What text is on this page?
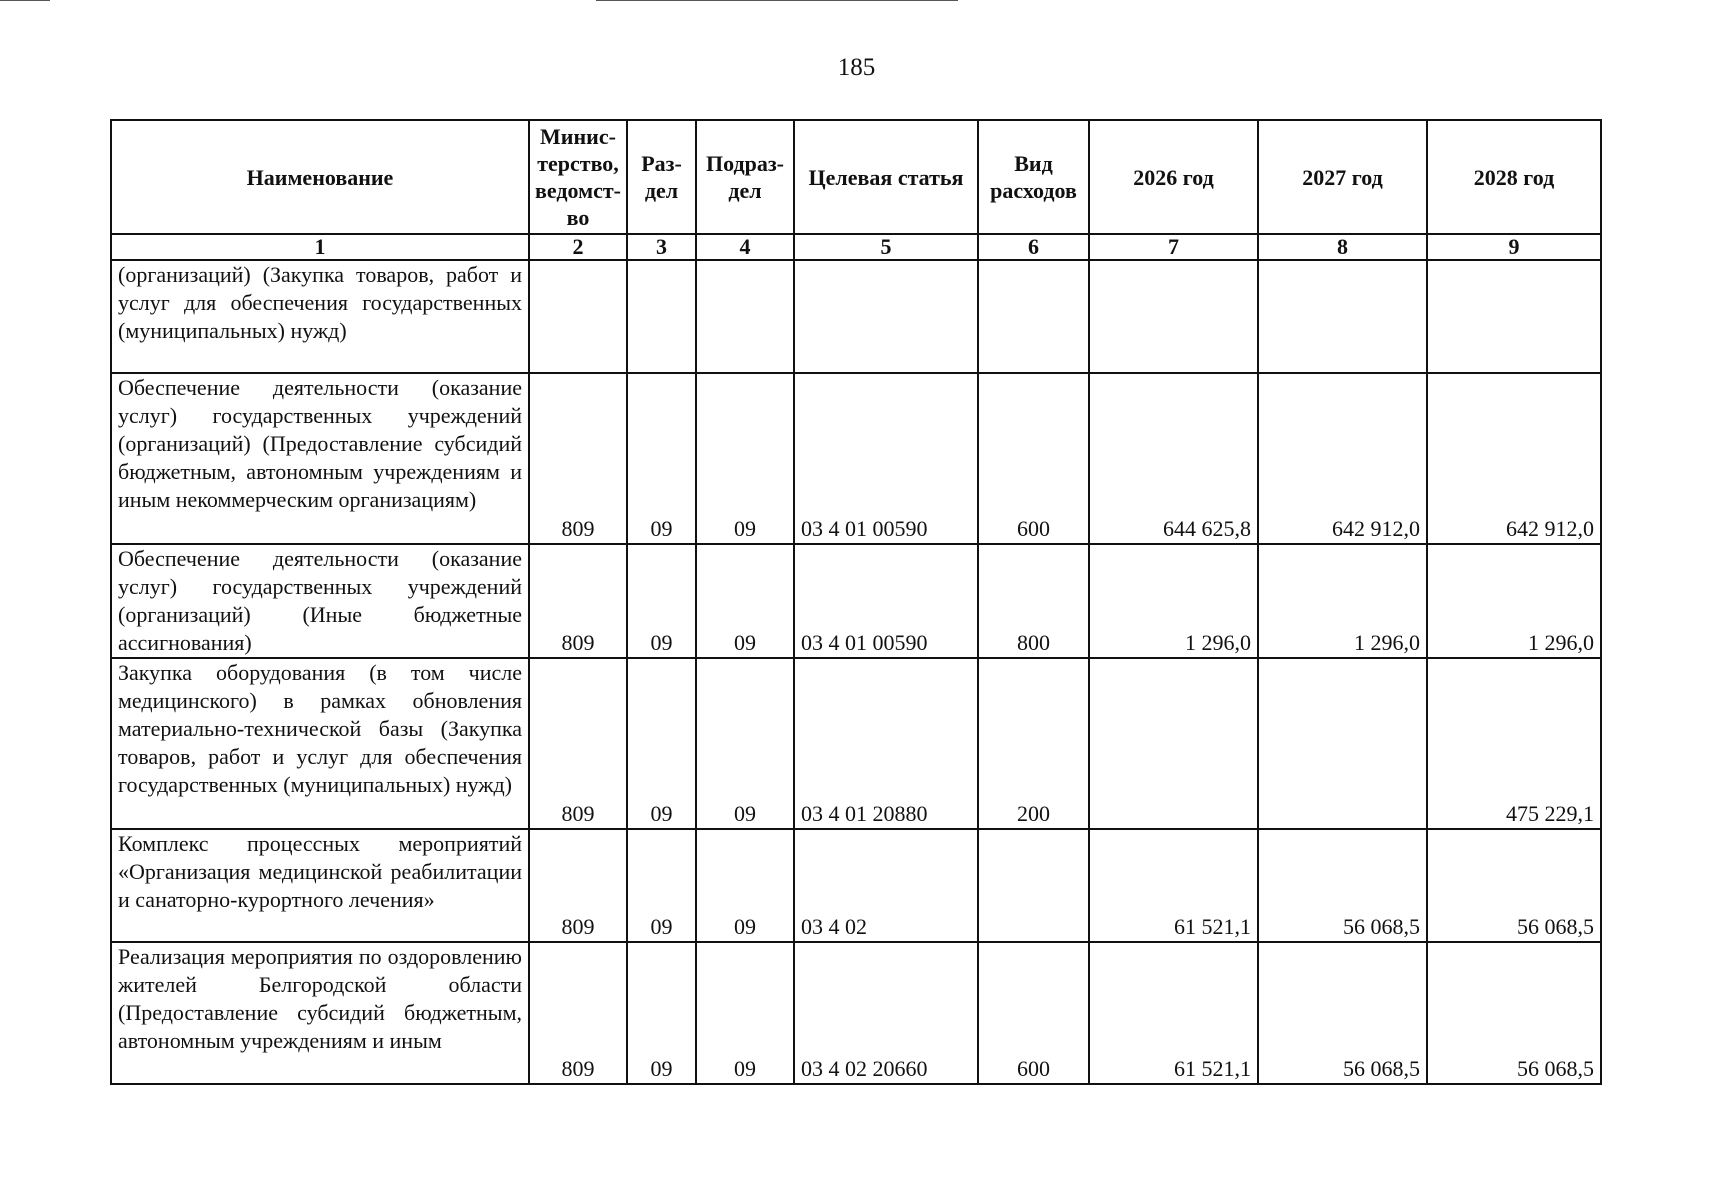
185
Наименование	Минис-терство, ведомст-во	Раз-дел	Подраз-дел	Целевая статья	Вид расходов	2026 год	2027 год	2028 год
1	2	3	4	5	6	7	8	9
(организаций) (Закупка товаров, работ и услуг для обеспечения государственных (муниципальных) нужд)								
Обеспечение деятельности (оказание услуг) государственных учреждений (организаций) (Предоставление субсидий бюджетным, автономным учреждениям и иным некоммерческим организациям)	809	09	09	03 4 01 00590	600	644 625,8	642 912,0	642 912,0
Обеспечение деятельности (оказание услуг) государственных учреждений (организаций) (Иные бюджетные ассигнования)	809	09	09	03 4 01 00590	800	1 296,0	1 296,0	1 296,0
Закупка оборудования (в том числе медицинского) в рамках обновления материально-технической базы (Закупка товаров, работ и услуг для обеспечения государственных (муниципальных) нужд)	809	09	09	03 4 01 20880	200			475 229,1
Комплекс процессных мероприятий «Организация медицинской реабилитации и санаторно-курортного лечения»	809	09	09	03 4 02		61 521,1	56 068,5	56 068,5
Реализация мероприятия по оздоровлению жителей Белгородской области (Предоставление субсидий бюджетным, автономным учреждениям и иным	809	09	09	03 4 02 20660	600	61 521,1	56 068,5	56 068,5
